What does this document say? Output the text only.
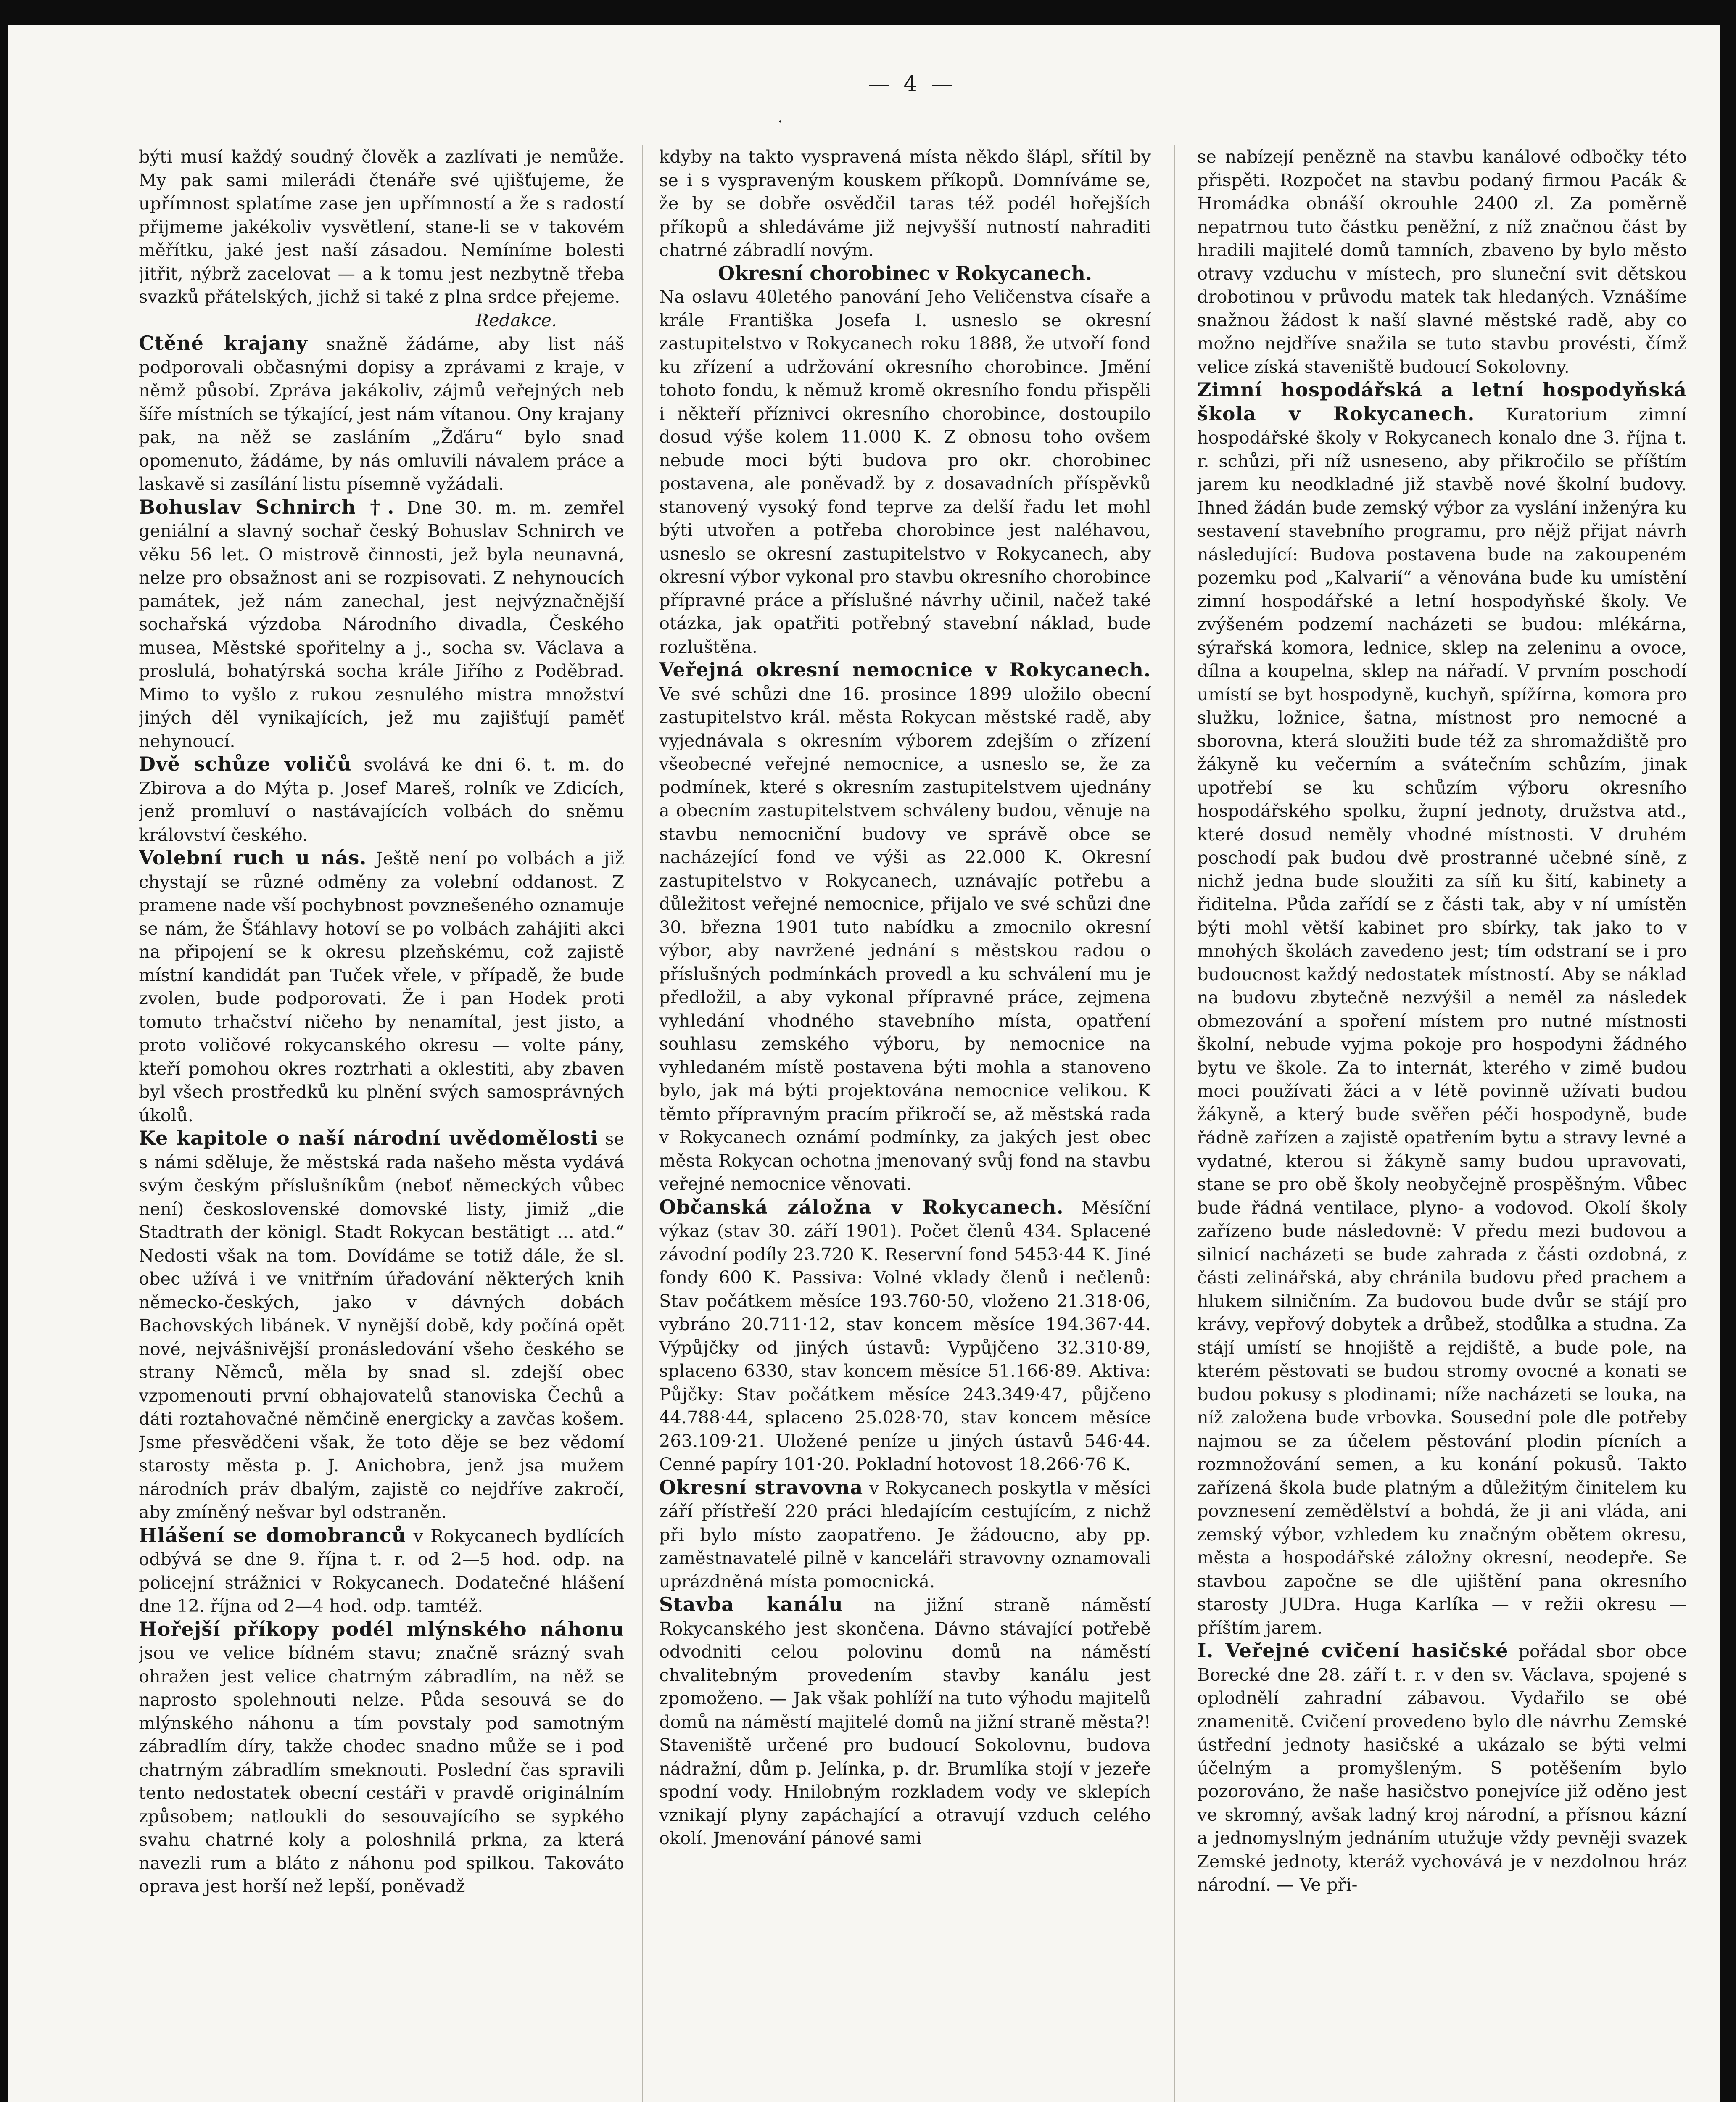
— 4 —
.

býti musí každý soudný člověk a zazlívati je nemůže. My pak sami milerádi čtenáře své ujišťujeme, že upřímnost splatíme zase jen upřímností a že s radostí přijmeme jakékoliv vysvětlení, stane-li se v takovém měřítku, jaké jest naší zásadou. Nemíníme bolesti jitřit, nýbrž zacelovat — a k tomu jest nezbytně třeba svazků přátelských, jichž si také z plna srdce přejeme.

Redakce.

Ctěné krajany snažně žádáme, aby list náš podporovali občasnými dopisy a zprávami z kraje, v němž působí. Zpráva jakákoliv, zájmů veřejných neb šíře místních se týkající, jest nám vítanou. Ony krajany pak, na něž se zasláním „Žďáru“ bylo snad opomenuto, žádáme, by nás omluvili návalem práce a laskavě si zasílání listu písemně vyžádali.

Bohuslav Schnirch †. Dne 30. m. m. zemřel geniální a slavný sochař český Bohuslav Schnirch ve věku 56 let. O mistrově činnosti, jež byla neunavná, nelze pro obsažnost ani se rozpisovati. Z nehynoucích památek, jež nám zanechal, jest nejvýznačnější sochařská výzdoba Národního divadla, Českého musea, Městské spořitelny a j., socha sv. Václava a proslulá, bohatýrská socha krále Jiřího z Poděbrad. Mimo to vyšlo z rukou zesnulého mistra množství jiných děl vynikajících, jež mu zajišťují paměť nehynoucí.

Dvě schůze voličů svolává ke dni 6. t. m. do Zbirova a do Mýta p. Josef Mareš, rolník ve Zdicích, jenž promluví o nastávajících volbách do sněmu království českého.

Volební ruch u nás. Ještě není po volbách a již chystají se různé odměny za volební oddanost. Z pramene nade vší pochybnost povznešeného oznamuje se nám, že Šťáhlavy hotoví se po volbách zahájiti akci na připojení se k okresu plzeňskému, což zajistě místní kandidát pan Tuček vřele, v případě, že bude zvolen, bude podporovati. Že i pan Hodek proti tomuto trhačství ničeho by nenamítal, jest jisto, a proto voličové rokycanského okresu — volte pány, kteří pomohou okres roztrhati a oklestiti, aby zbaven byl všech prostředků ku plnění svých samosprávných úkolů.

Ke kapitole o naší národní uvědomělosti se s námi sděluje, že městská rada našeho města vydává svým českým příslušníkům (neboť německých vůbec není) československé domovské listy, jimiž „die Stadtrath der königl. Stadt Rokycan bestätigt … atd.“ Nedosti však na tom. Dovídáme se totiž dále, že sl. obec užívá i ve vnitřním úřadování některých knih německo-českých, jako v dávných dobách Bachovských libánek. V nynější době, kdy počíná opět nové, nejvášnivější pronásledování všeho českého se strany Němců, měla by snad sl. zdejší obec vzpomenouti první obhajovatelů stanoviska Čechů a dáti roztahovačné němčině energicky a zavčas košem. Jsme přesvědčeni však, že toto děje se bez vědomí starosty města p. J. Anichobra, jenž jsa mužem národních práv dbalým, zajistě co nejdříve zakročí, aby zmíněný nešvar byl odstraněn.

Hlášení se domobranců v Rokycanech bydlících odbývá se dne 9. října t. r. od 2—5 hod. odp. na policejní strážnici v Rokycanech. Dodatečné hlášení dne 12. října od 2—4 hod. odp. tamtéž.

Hořejší příkopy podél mlýnského náhonu jsou ve velice bídném stavu; značně srázný svah ohražen jest velice chatrným zábradlím, na něž se naprosto spolehnouti nelze. Půda sesouvá se do mlýnského náhonu a tím povstaly pod samotným zábradlím díry, takže chodec snadno může se i pod chatrným zábradlím smeknouti. Poslední čas spravili tento nedostatek obecní cestáři v pravdě originálním způsobem; natloukli do sesouvajícího se sypkého svahu chatrné koly a poloshnilá prkna, za která navezli rum a bláto z náhonu pod spilkou. Takováto oprava jest horší než lepší, poněvadž

kdyby na takto vyspravená místa někdo šlápl, sřítil by se i s vyspraveným kouskem příkopů. Domníváme se, že by se dobře osvědčil taras též podél hořejších příkopů a shledáváme již nejvyšší nutností nahraditi chatrné zábradlí novým.

Okresní chorobinec v Rokycanech.

Na oslavu 40letého panování Jeho Veličenstva císaře a krále Františka Josefa I. usneslo se okresní zastupitelstvo v Rokycanech roku 1888, že utvoří fond ku zřízení a udržování okresního chorobince. Jmění tohoto fondu, k němuž kromě okresního fondu přispěli i někteří příznivci okresního chorobince, dostoupilo dosud výše kolem 11.000 K. Z obnosu toho ovšem nebude moci býti budova pro okr. chorobinec postavena, ale poněvadž by z dosavadních příspěvků stanovený vysoký fond teprve za delší řadu let mohl býti utvořen a potřeba chorobince jest naléhavou, usneslo se okresní zastupitelstvo v Rokycanech, aby okresní výbor vykonal pro stavbu okresního chorobince přípravné práce a příslušné návrhy učinil, načež také otázka, jak opatřiti potřebný stavební náklad, bude rozluštěna.

Veřejná okresní nemocnice v Rokycanech. Ve své schůzi dne 16. prosince 1899 uložilo obecní zastupitelstvo král. města Rokycan městské radě, aby vyjednávala s okresním výborem zdejším o zřízení všeobecné veřejné nemocnice, a usneslo se, že za podmínek, které s okresním zastupitelstvem ujednány a obecním zastupitelstvem schváleny budou, věnuje na stavbu nemocniční budovy ve správě obce se nacházející fond ve výši as 22.000 K. Okresní zastupitelstvo v Rokycanech, uznávajíc potřebu a důležitost veřejné nemocnice, přijalo ve své schůzi dne 30. března 1901 tuto nabídku a zmocnilo okresní výbor, aby navržené jednání s městskou radou o příslušných podmínkách provedl a ku schválení mu je předložil, a aby vykonal přípravné práce, zejmena vyhledání vhodného stavebního místa, opatření souhlasu zemského výboru, by nemocnice na vyhledaném místě postavena býti mohla a stanoveno bylo, jak má býti projektována nemocnice velikou. K těmto přípravným pracím přikročí se, až městská rada v Rokycanech oznámí podmínky, za jakých jest obec města Rokycan ochotna jmenovaný svůj fond na stavbu veřejné nemocnice věnovati.

Občanská záložna v Rokycanech. Měsíční výkaz (stav 30. září 1901). Počet členů 434. Splacené závodní podíly 23.720 K. Reservní fond 5453·44 K. Jiné fondy 600 K. Passiva: Volné vklady členů i nečlenů: Stav počátkem měsíce 193.760·50, vloženo 21.318·06, vybráno 20.711·12, stav koncem měsíce 194.367·44. Výpůjčky od jiných ústavů: Vypůjčeno 32.310·89, splaceno 6330, stav koncem měsíce 51.166·89. Aktiva: Půjčky: Stav počátkem měsíce 243.349·47, půjčeno 44.788·44, splaceno 25.028·70, stav koncem měsíce 263.109·21. Uložené peníze u jiných ústavů 546·44. Cenné papíry 101·20. Pokladní hotovost 18.266·76 K.

Okresní stravovna v Rokycanech poskytla v měsíci září přístřeší 220 práci hledajícím cestujícím, z nichž při bylo místo zaopatřeno. Je žádoucno, aby pp. zaměstnavatelé pilně v kanceláři stravovny oznamovali uprázdněná místa pomocnická.

Stavba kanálu na jižní straně náměstí Rokycanského jest skončena. Dávno stávající potřebě odvodniti celou polovinu domů na náměstí chvalitebným provedením stavby kanálu jest zpomoženo. — Jak však pohlíží na tuto výhodu majitelů domů na náměstí majitelé domů na jižní straně města?! Staveniště určené pro budoucí Sokolovnu, budova nádražní, dům p. Jelínka, p. dr. Brumlíka stojí v jezeře spodní vody. Hnilobným rozkladem vody ve sklepích vznikají plyny zapáchající a otravují vzduch celého okolí. Jmenování pánové sami

se nabízejí penězně na stavbu kanálové odbočky této přispěti. Rozpočet na stavbu podaný firmou Pacák & Hromádka obnáší okrouhle 2400 zl. Za poměrně nepatrnou tuto částku peněžní, z níž značnou část by hradili majitelé domů tamních, zbaveno by bylo město otravy vzduchu v místech, pro sluneční svit dětskou drobotinou v průvodu matek tak hledaných. Vznášíme snažnou žádost k naší slavné městské radě, aby co možno nejdříve snažila se tuto stavbu provésti, čímž velice získá staveniště budoucí Sokolovny.

Zimní hospodářská a letní hospodyňská škola v Rokycanech. Kuratorium zimní hospodářské školy v Rokycanech konalo dne 3. října t. r. schůzi, při níž usneseno, aby přikročilo se příštím jarem ku neodkladné již stavbě nové školní budovy. Ihned žádán bude zemský výbor za vyslání inženýra ku sestavení stavebního programu, pro nějž přijat návrh následující: Budova postavena bude na zakoupeném pozemku pod „Kalvarií“ a věnována bude ku umístění zimní hospodářské a letní hospodyňské školy. Ve zvýšeném podzemí nacházeti se budou: mlékárna, sýrařská komora, lednice, sklep na zeleninu a ovoce, dílna a koupelna, sklep na nářadí. V prvním poschodí umístí se byt hospodyně, kuchyň, spížírna, komora pro služku, ložnice, šatna, místnost pro nemocné a sborovna, která sloužiti bude též za shromaždiště pro žákyně ku večerním a svátečním schůzím, jinak upotřebí se ku schůzím výboru okresního hospodářského spolku, župní jednoty, družstva atd., které dosud neměly vhodné místnosti. V druhém poschodí pak budou dvě prostranné učebné síně, z nichž jedna bude sloužiti za síň ku šití, kabinety a řiditelna. Půda zařídí se z části tak, aby v ní umístěn býti mohl větší kabinet pro sbírky, tak jako to v mnohých školách zavedeno jest; tím odstraní se i pro budoucnost každý nedostatek místností. Aby se náklad na budovu zbytečně nezvýšil a neměl za následek obmezování a spoření místem pro nutné místnosti školní, nebude vyjma pokoje pro hospodyni žádného bytu ve škole. Za to internát, kterého v zimě budou moci používati žáci a v létě povinně užívati budou žákyně, a který bude svěřen péči hospodyně, bude řádně zařízen a zajistě opatřením bytu a stravy levné a vydatné, kterou si žákyně samy budou upravovati, stane se pro obě školy neobyčejně prospěšným. Vůbec bude řádná ventilace, plyno- a vodovod. Okolí školy zařízeno bude následovně: V předu mezi budovou a silnicí nacházeti se bude zahrada z části ozdobná, z části zelinářská, aby chránila budovu před prachem a hlukem silničním. Za budovou bude dvůr se stájí pro krávy, vepřový dobytek a drůbež, stodůlka a studna. Za stájí umístí se hnojiště a rejdiště, a bude pole, na kterém pěstovati se budou stromy ovocné a konati se budou pokusy s plodinami; níže nacházeti se louka, na níž založena bude vrbovka. Sousední pole dle potřeby najmou se za účelem pěstování plodin pícních a rozmnožování semen, a ku konání pokusů. Takto zařízená škola bude platným a důležitým činitelem ku povznesení zemědělství a bohdá, že ji ani vláda, ani zemský výbor, vzhledem ku značným obětem okresu, města a hospodářské záložny okresní, neodepře. Se stavbou započne se dle ujištění pana okresního starosty JUDra. Huga Karlíka — v režii okresu — příštím jarem.

I. Veřejné cvičení hasičské pořádal sbor obce Borecké dne 28. září t. r. v den sv. Václava, spojené s oplodnělí zahradní zábavou. Vydařilo se obé znamenitě. Cvičení provedeno bylo dle návrhu Zemské ústřední jednoty hasičské a ukázalo se býti velmi účelným a promyšleným. S potěšením bylo pozorováno, že naše hasičstvo ponejvíce již oděno jest ve skromný, avšak ladný kroj národní, a přísnou kázní a jednomyslným jednáním utužuje vždy pevněji svazek Zemské jednoty, kteráž vychovává je v nezdolnou hráz národní. — Ve při-
